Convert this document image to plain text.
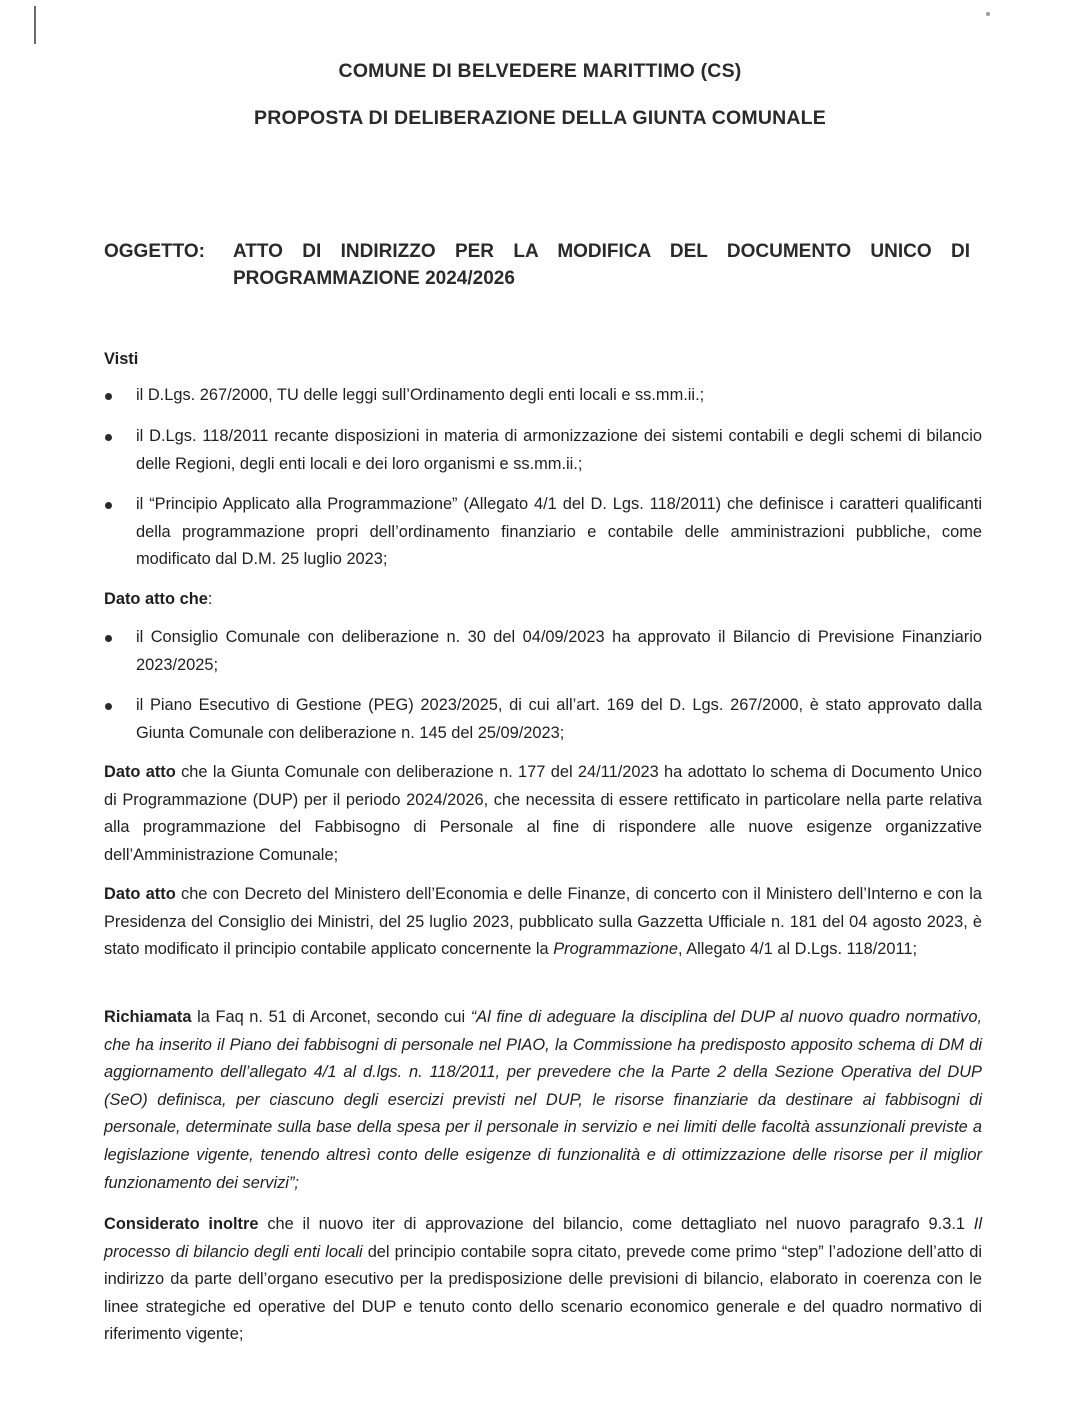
COMUNE DI BELVEDERE MARITTIMO (CS)
PROPOSTA DI DELIBERAZIONE DELLA GIUNTA COMUNALE
OGGETTO: ATTO DI INDIRIZZO PER LA MODIFICA DEL DOCUMENTO UNICO DI
PROGRAMMAZIONE 2024/2026
Visti
il D.Lgs. 267/2000, TU delle leggi sull’Ordinamento degli enti locali e ss.mm.ii.;
il D.Lgs. 118/2011 recante disposizioni in materia di armonizzazione dei sistemi contabili e degli schemi di bilancio delle Regioni, degli enti locali e dei loro organismi e ss.mm.ii.;
il “Principio Applicato alla Programmazione” (Allegato 4/1 del D. Lgs. 118/2011) che definisce i caratteri qualificanti della programmazione propri dell’ordinamento finanziario e contabile delle amministrazioni pubbliche, come modificato dal D.M. 25 luglio 2023;
Dato atto che:
il Consiglio Comunale con deliberazione n. 30 del 04/09/2023 ha approvato il Bilancio di Previsione Finanziario 2023/2025;
il Piano Esecutivo di Gestione (PEG) 2023/2025, di cui all’art. 169 del D. Lgs. 267/2000, è stato approvato dalla Giunta Comunale con deliberazione n. 145 del 25/09/2023;
Dato atto che la Giunta Comunale con deliberazione n. 177 del 24/11/2023 ha adottato lo schema di Documento Unico di Programmazione (DUP) per il periodo 2024/2026, che necessita di essere rettificato in particolare nella parte relativa alla programmazione del Fabbisogno di Personale al fine di rispondere alle nuove esigenze organizzative dell’Amministrazione Comunale;
Dato atto che con Decreto del Ministero dell’Economia e delle Finanze, di concerto con il Ministero dell’Interno e con la Presidenza del Consiglio dei Ministri, del 25 luglio 2023, pubblicato sulla Gazzetta Ufficiale n. 181 del 04 agosto 2023, è stato modificato il principio contabile applicato concernente la Programmazione, Allegato 4/1 al D.Lgs. 118/2011;
Richiamata la Faq n. 51 di Arconet, secondo cui “Al fine di adeguare la disciplina del DUP al nuovo quadro normativo, che ha inserito il Piano dei fabbisogni di personale nel PIAO, la Commissione ha predisposto apposito schema di DM di aggiornamento dell’allegato 4/1 al d.lgs. n. 118/2011, per prevedere che la Parte 2 della Sezione Operativa del DUP (SeO) definisca, per ciascuno degli esercizi previsti nel DUP, le risorse finanziarie da destinare ai fabbisogni di personale, determinate sulla base della spesa per il personale in servizio e nei limiti delle facoltà assunzionali previste a legislazione vigente, tenendo altresì conto delle esigenze di funzionalità e di ottimizzazione delle risorse per il miglior funzionamento dei servizi”;
Considerato inoltre che il nuovo iter di approvazione del bilancio, come dettagliato nel nuovo paragrafo 9.3.1 Il processo di bilancio degli enti locali del principio contabile sopra citato, prevede come primo “step” l’adozione dell’atto di indirizzo da parte dell’organo esecutivo per la predisposizione delle previsioni di bilancio, elaborato in coerenza con le linee strategiche ed operative del DUP e tenuto conto dello scenario economico generale e del quadro normativo di riferimento vigente;
